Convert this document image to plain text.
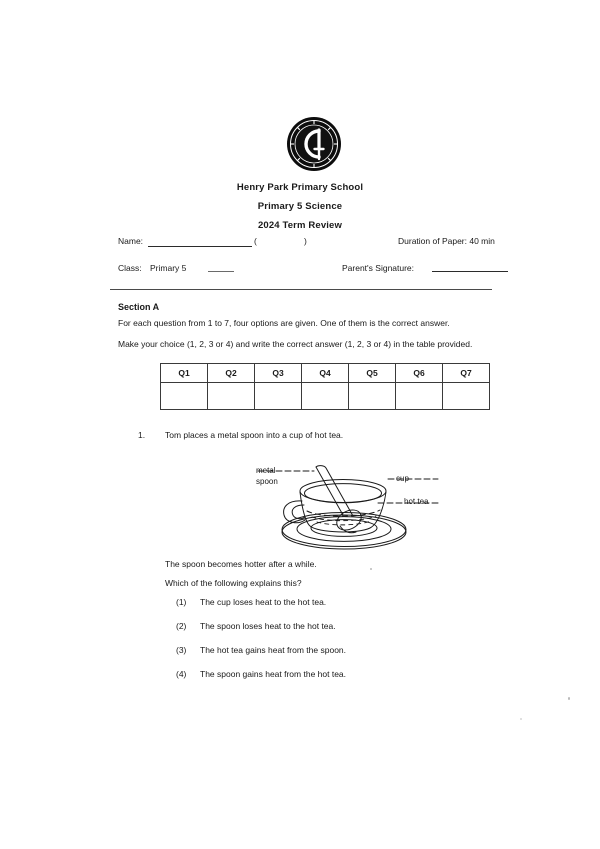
Henry Park Primary School
Primary 5 Science
2024 Term Review
Name:	(	)	Duration of Paper: 40 min
Class: Primary 5	Parent's Signature:
Section A
For each question from 1 to 7, four options are given. One of them is the correct answer.
Make your choice (1, 2, 3 or 4) and write the correct answer (1, 2, 3 or 4) in the table provided.
Q1	Q2	Q3	Q4	Q5	Q6	Q7

1. Tom places a metal spoon into a cup of hot tea.
metal
spoon	cup
hot tea
The spoon becomes hotter after a while.
Which of the following explains this?
(1) The cup loses heat to the hot tea.
(2) The spoon loses heat to the hot tea.
(3) The hot tea gains heat from the spoon.
(4) The spoon gains heat from the hot tea.
